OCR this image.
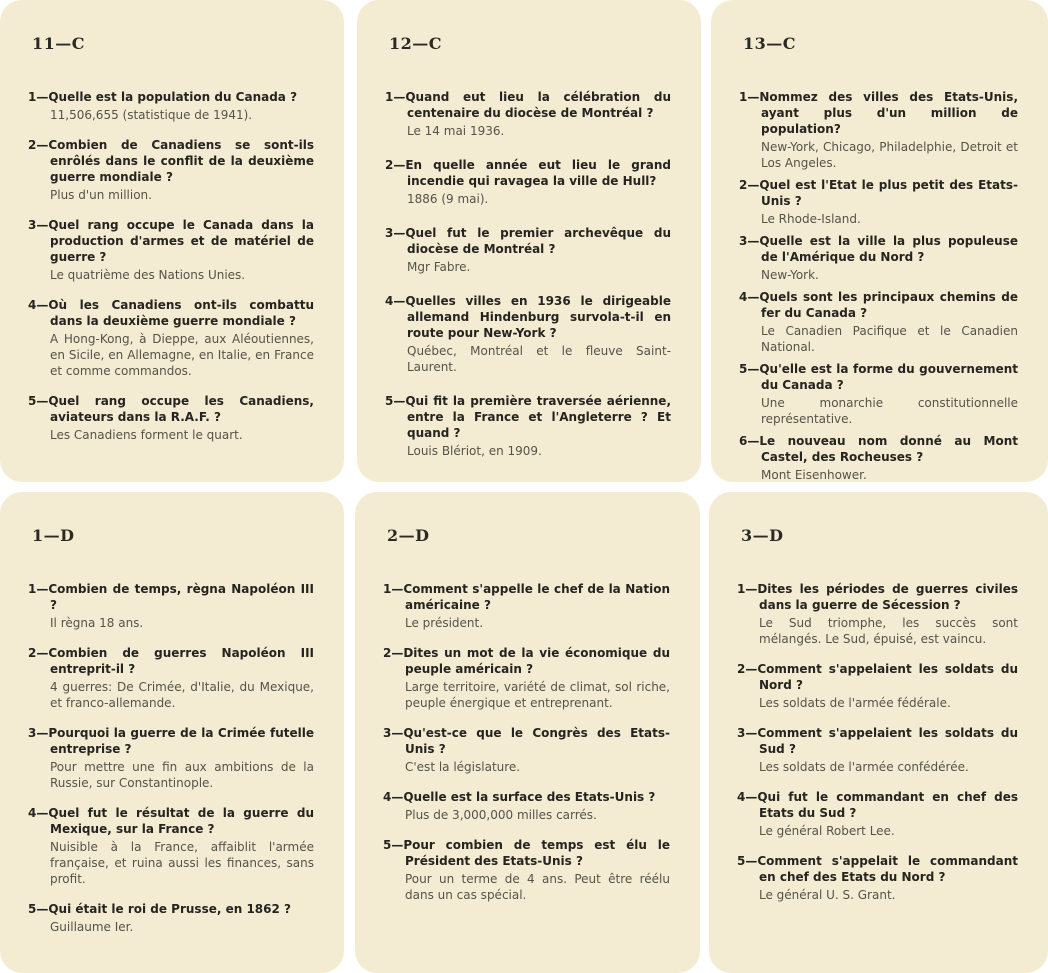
11—C
1—Quelle est la population du Canada ?
11,506,655 (statistique de 1941).
2—Combien de Canadiens se sont-ils enrôlés dans le conflit de la deuxième guerre mondiale ?
Plus d'un million.
3—Quel rang occupe le Canada dans la production d'armes et de matériel de guerre ?
Le quatrième des Nations Unies.
4—Où les Canadiens ont-ils combattu dans la deuxième guerre mondiale ?
A Hong-Kong, à Dieppe, aux Aléoutiennes, en Sicile, en Allemagne, en Italie, en France et comme commandos.
5—Quel rang occupe les Canadiens, aviateurs dans la R.A.F. ?
Les Canadiens forment le quart.
12—C
1—Quand eut lieu la célébration du centenaire du diocèse de Montréal ?
Le 14 mai 1936.
2—En quelle année eut lieu le grand incendie qui ravagea la ville de Hull?
1886 (9 mai).
3—Quel fut le premier archevêque du diocèse de Montréal ?
Mgr Fabre.
4—Quelles villes en 1936 le dirigeable allemand Hindenburg survola-t-il en route pour New-York ?
Québec, Montréal et le fleuve Saint-Laurent.
5—Qui fit la première traversée aérienne, entre la France et l'Angleterre ? Et quand ?
Louis Blériot, en 1909.
13—C
1—Nommez des villes des Etats-Unis, ayant plus d'un million de population?
New-York, Chicago, Philadelphie, Detroit et Los Angeles.
2—Quel est l'Etat le plus petit des Etats-Unis ?
Le Rhode-Island.
3—Quelle est la ville la plus populeuse de l'Amérique du Nord ?
New-York.
4—Quels sont les principaux chemins de fer du Canada ?
Le Canadien Pacifique et le Canadien National.
5—Qu'elle est la forme du gouvernement du Canada ?
Une monarchie constitutionnelle représentative.
6—Le nouveau nom donné au Mont Castel, des Rocheuses ?
Mont Eisenhower.
1—D
1—Combien de temps, règna Napoléon III ?
Il règna 18 ans.
2—Combien de guerres Napoléon III entreprit-il ?
4 guerres: De Crimée, d'Italie, du Mexique, et franco-allemande.
3—Pourquoi la guerre de la Crimée futelle entreprise ?
Pour mettre une fin aux ambitions de la Russie, sur Constantinople.
4—Quel fut le résultat de la guerre du Mexique, sur la France ?
Nuisible à la France, affaiblit l'armée française, et ruina aussi les finances, sans profit.
5—Qui était le roi de Prusse, en 1862 ?
Guillaume Ier.
2—D
1—Comment s'appelle le chef de la Nation américaine ?
Le président.
2—Dites un mot de la vie économique du peuple américain ?
Large territoire, variété de climat, sol riche, peuple énergique et entreprenant.
3—Qu'est-ce que le Congrès des Etats-Unis ?
C'est la législature.
4—Quelle est la surface des Etats-Unis ?
Plus de 3,000,000 milles carrés.
5—Pour combien de temps est élu le Président des Etats-Unis ?
Pour un terme de 4 ans. Peut être réélu dans un cas spécial.
3—D
1—Dites les périodes de guerres civiles dans la guerre de Sécession ?
Le Sud triomphe, les succès sont mélangés. Le Sud, épuisé, est vaincu.
2—Comment s'appelaient les soldats du Nord ?
Les soldats de l'armée fédérale.
3—Comment s'appelaient les soldats du Sud ?
Les soldats de l'armée confédérée.
4—Qui fut le commandant en chef des Etats du Sud ?
Le général Robert Lee.
5—Comment s'appelait le commandant en chef des Etats du Nord ?
Le général U. S. Grant.
